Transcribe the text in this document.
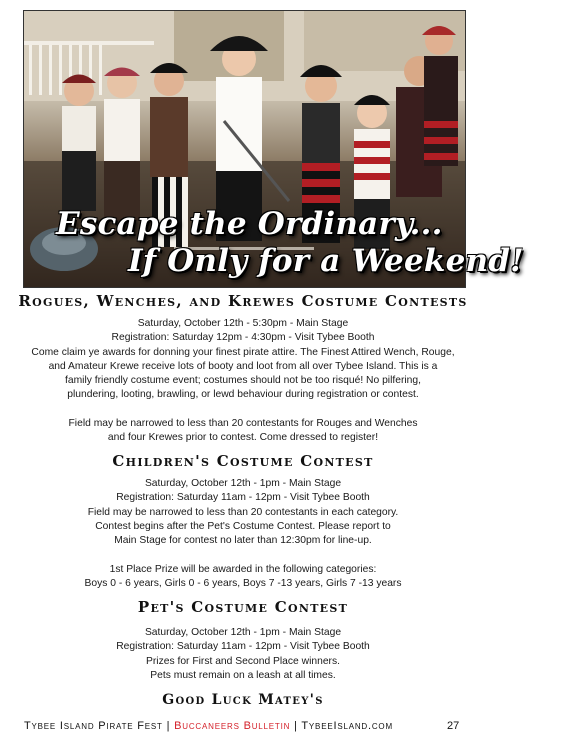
Escape the Ordinary...
If Only for a Weekend!
Rogues, Wenches, and Krewes Costume Contests
Saturday, October 12th - 5:30pm - Main Stage
Registration: Saturday 12pm - 4:30pm - Visit Tybee Booth
Come claim ye awards for donning your finest pirate attire. The Finest Attired Wench, Rouge,
and Amateur Krewe receive lots of booty and loot from all over Tybee Island. This is a
family friendly costume event; costumes should not be too risqué! No pilfering,
plundering, looting, brawling, or lewd behaviour during registration or contest.
Field may be narrowed to less than 20 contestants for Rouges and Wenches
and four Krewes prior to contest. Come dressed to register!
Children's Costume Contest
Saturday, October 12th - 1pm - Main Stage
Registration: Saturday 11am - 12pm - Visit Tybee Booth
Field may be narrowed to less than 20 contestants in each category.
Contest begins after the Pet's Costume Contest. Please report to
Main Stage for contest no later than 12:30pm for line-up.
1st Place Prize will be awarded in the following categories:
Boys 0 - 6 years, Girls 0 - 6 years, Boys 7 -13 years, Girls 7 -13 years
Pet's Costume Contest
Saturday, October 12th - 1pm - Main Stage
Registration: Saturday 11am - 12pm - Visit Tybee Booth
Prizes for First and Second Place winners.
Pets must remain on a leash at all times.
Good Luck Matey's
Tybee Island Pirate Fest | Buccaneers Bulletin | TybeeIsland.com	27
